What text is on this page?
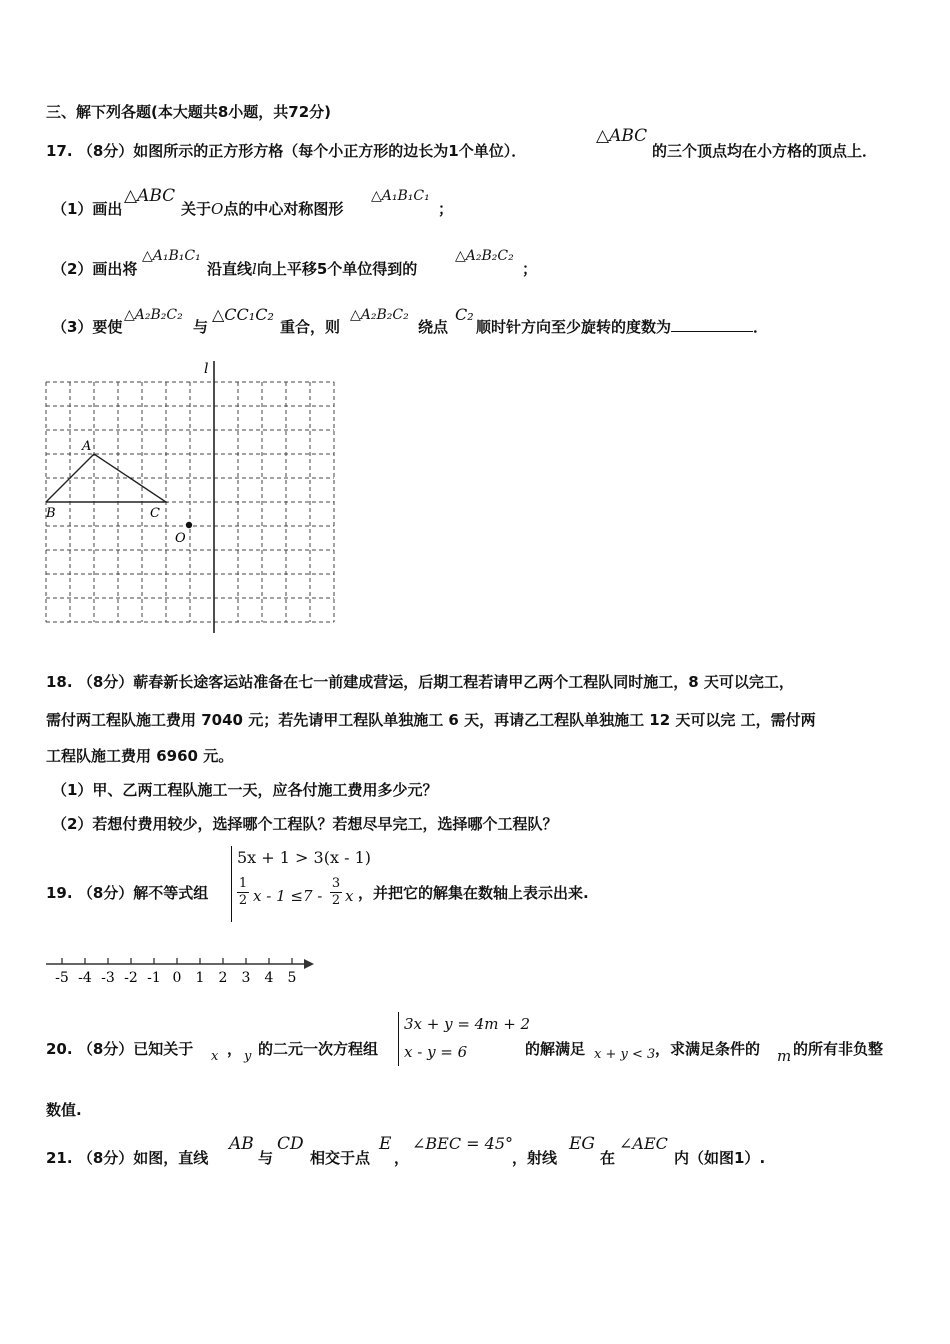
三、解下列各题(本大题共8小题，共72分)
17. （8分）如图所示的正方形方格（每个小正方形的边长为1个单位）．
△ABC
的三个顶点均在小方格的顶点上．
（1）画出
△ABC
关于O点的中心对称图形
△A₁B₁C₁
；
（2）画出将
△A₁B₁C₁
沿直线l向上平移5个单位得到的
△A₂B₂C₂
；
（3）要使
△A₂B₂C₂
与
△CC₁C₂
重合，则
△A₂B₂C₂
绕点
C₂
顺时针方向至少旋转的度数为	．
l
A
B	C
O
18. （8分）蕲春新长途客运站准备在七一前建成营运，后期工程若请甲乙两个工程队同时施工，8 天可以完工，
需付两工程队施工费用 7040 元；若先请甲工程队单独施工 6 天，再请乙工程队单独施工 12 天可以完 工，需付两
工程队施工费用 6960 元。
（1）甲、乙两工程队施工一天，应各付施工费用多少元？
（2）若想付费用较少，选择哪个工程队？若想尽早完工，选择哪个工程队？
19. （8分）解不等式组
5x + 1 > 3(x - 1)
$\frac{1}{2}$ $x - 1 \le 7 - \frac{3}{2}$ x ，并把它的解集在数轴上表示出来.
-5 -4 -3 -2 -1 0 1 2 3 4 5
20. （8分）已知关于 x ， y 的二元一次方程组
3x + y = 4m + 2
x - y = 6	的解满足 x + y < 3 ，求满足条件的 m 的所有非负整
数值.
21. （8分）如图，直线
AB
与
CD
相交于点
E
，
∠BEC = 45°
，射线
EG
在
∠AEC
内（如图1）.
